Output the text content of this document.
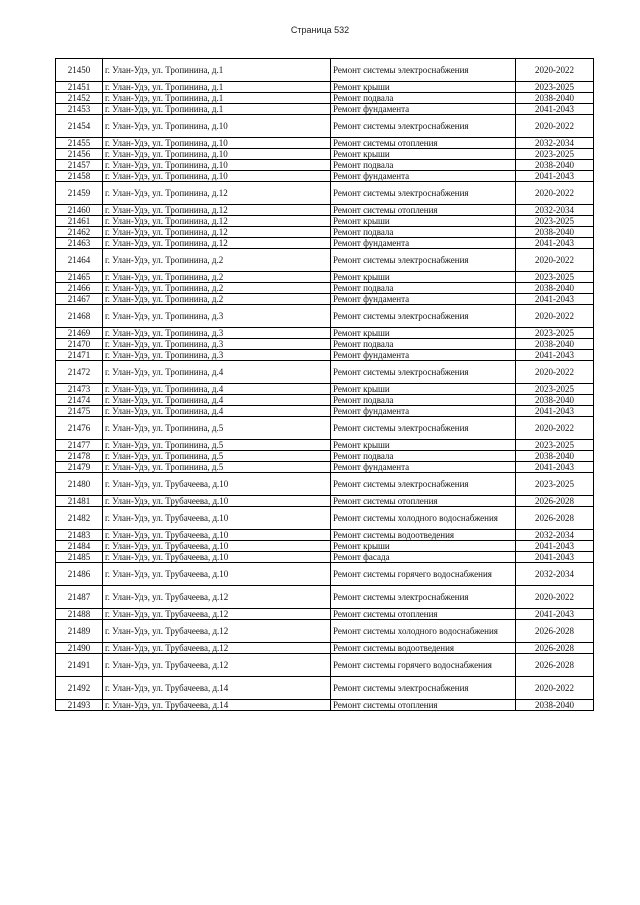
Страница 532
21450	г. Улан-Удэ, ул. Тропинина, д.1	Ремонт системы электроснабжения	2020-2022
21451	г. Улан-Удэ, ул. Тропинина, д.1	Ремонт крыши	2023-2025
21452	г. Улан-Удэ, ул. Тропинина, д.1	Ремонт подвала	2038-2040
21453	г. Улан-Удэ, ул. Тропинина, д.1	Ремонт фундамента	2041-2043
21454	г. Улан-Удэ, ул. Тропинина, д.10	Ремонт системы электроснабжения	2020-2022
21455	г. Улан-Удэ, ул. Тропинина, д.10	Ремонт системы отопления	2032-2034
21456	г. Улан-Удэ, ул. Тропинина, д.10	Ремонт крыши	2023-2025
21457	г. Улан-Удэ, ул. Тропинина, д.10	Ремонт подвала	2038-2040
21458	г. Улан-Удэ, ул. Тропинина, д.10	Ремонт фундамента	2041-2043
21459	г. Улан-Удэ, ул. Тропинина, д.12	Ремонт системы электроснабжения	2020-2022
21460	г. Улан-Удэ, ул. Тропинина, д.12	Ремонт системы отопления	2032-2034
21461	г. Улан-Удэ, ул. Тропинина, д.12	Ремонт крыши	2023-2025
21462	г. Улан-Удэ, ул. Тропинина, д.12	Ремонт подвала	2038-2040
21463	г. Улан-Удэ, ул. Тропинина, д.12	Ремонт фундамента	2041-2043
21464	г. Улан-Удэ, ул. Тропинина, д.2	Ремонт системы электроснабжения	2020-2022
21465	г. Улан-Удэ, ул. Тропинина, д.2	Ремонт крыши	2023-2025
21466	г. Улан-Удэ, ул. Тропинина, д.2	Ремонт подвала	2038-2040
21467	г. Улан-Удэ, ул. Тропинина, д.2	Ремонт фундамента	2041-2043
21468	г. Улан-Удэ, ул. Тропинина, д.3	Ремонт системы электроснабжения	2020-2022
21469	г. Улан-Удэ, ул. Тропинина, д.3	Ремонт крыши	2023-2025
21470	г. Улан-Удэ, ул. Тропинина, д.3	Ремонт подвала	2038-2040
21471	г. Улан-Удэ, ул. Тропинина, д.3	Ремонт фундамента	2041-2043
21472	г. Улан-Удэ, ул. Тропинина, д.4	Ремонт системы электроснабжения	2020-2022
21473	г. Улан-Удэ, ул. Тропинина, д.4	Ремонт крыши	2023-2025
21474	г. Улан-Удэ, ул. Тропинина, д.4	Ремонт подвала	2038-2040
21475	г. Улан-Удэ, ул. Тропинина, д.4	Ремонт фундамента	2041-2043
21476	г. Улан-Удэ, ул. Тропинина, д.5	Ремонт системы электроснабжения	2020-2022
21477	г. Улан-Удэ, ул. Тропинина, д.5	Ремонт крыши	2023-2025
21478	г. Улан-Удэ, ул. Тропинина, д.5	Ремонт подвала	2038-2040
21479	г. Улан-Удэ, ул. Тропинина, д.5	Ремонт фундамента	2041-2043
21480	г. Улан-Удэ, ул. Трубачеева, д.10	Ремонт системы электроснабжения	2023-2025
21481	г. Улан-Удэ, ул. Трубачеева, д.10	Ремонт системы отопления	2026-2028
21482	г. Улан-Удэ, ул. Трубачеева, д.10	Ремонт системы холодного водоснабжения	2026-2028
21483	г. Улан-Удэ, ул. Трубачеева, д.10	Ремонт системы водоотведения	2032-2034
21484	г. Улан-Удэ, ул. Трубачеева, д.10	Ремонт крыши	2041-2043
21485	г. Улан-Удэ, ул. Трубачеева, д.10	Ремонт фасада	2041-2043
21486	г. Улан-Удэ, ул. Трубачеева, д.10	Ремонт системы горячего водоснабжения	2032-2034
21487	г. Улан-Удэ, ул. Трубачеева, д.12	Ремонт системы электроснабжения	2020-2022
21488	г. Улан-Удэ, ул. Трубачеева, д.12	Ремонт системы отопления	2041-2043
21489	г. Улан-Удэ, ул. Трубачеева, д.12	Ремонт системы холодного водоснабжения	2026-2028
21490	г. Улан-Удэ, ул. Трубачеева, д.12	Ремонт системы водоотведения	2026-2028
21491	г. Улан-Удэ, ул. Трубачеева, д.12	Ремонт системы горячего водоснабжения	2026-2028
21492	г. Улан-Удэ, ул. Трубачеева, д.14	Ремонт системы электроснабжения	2020-2022
21493	г. Улан-Удэ, ул. Трубачеева, д.14	Ремонт системы отопления	2038-2040
